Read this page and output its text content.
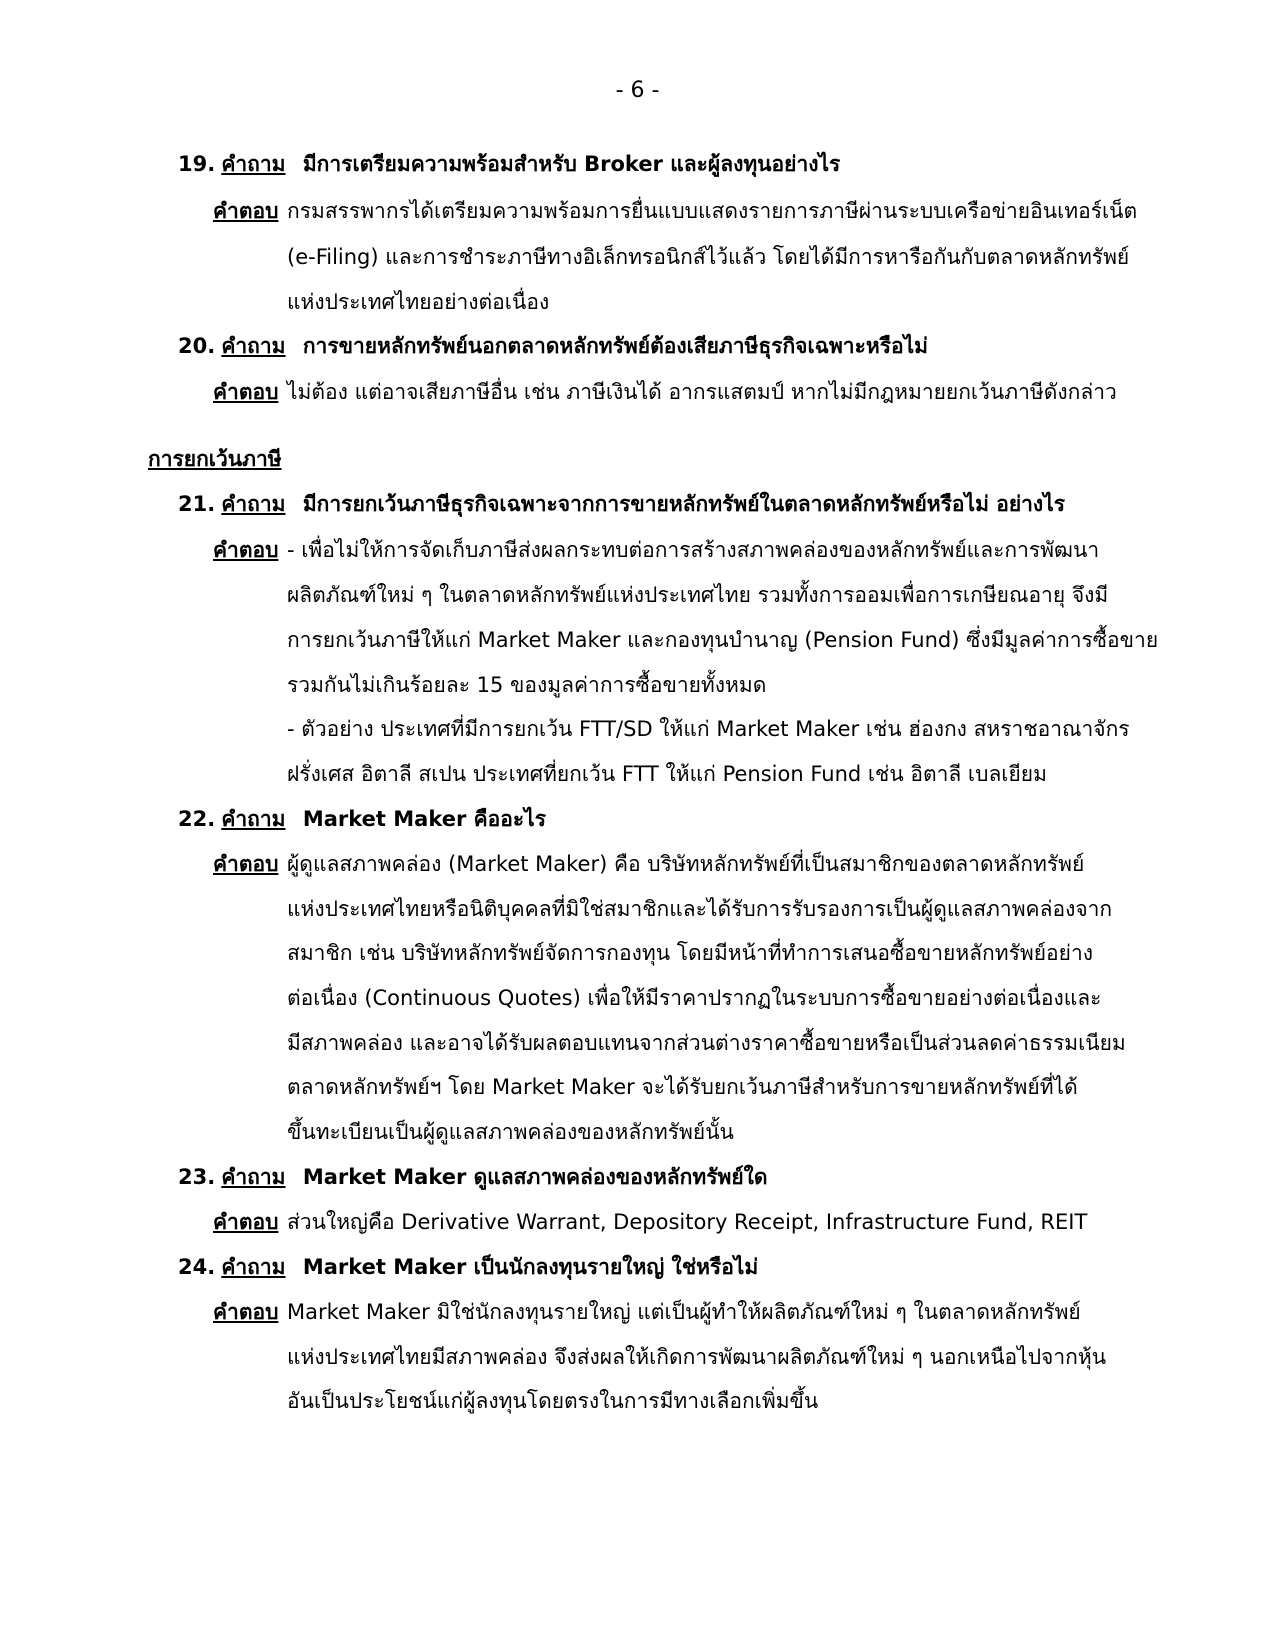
- 6 -
19. คำถาม มีการเตรียมความพร้อมสำหรับ Broker และผู้ลงทุนอย่างไร
คำตอบ กรมสรรพากรได้เตรียมความพร้อมการยื่นแบบแสดงรายการภาษีผ่านระบบเครือข่ายอินเทอร์เน็ต
(e-Filing) และการชำระภาษีทางอิเล็กทรอนิกส์ไว้แล้ว โดยได้มีการหารือกันกับตลาดหลักทรัพย์
แห่งประเทศไทยอย่างต่อเนื่อง
20. คำถาม การขายหลักทรัพย์นอกตลาดหลักทรัพย์ต้องเสียภาษีธุรกิจเฉพาะหรือไม่
คำตอบ ไม่ต้อง แต่อาจเสียภาษีอื่น เช่น ภาษีเงินได้ อากรแสตมป์ หากไม่มีกฎหมายยกเว้นภาษีดังกล่าว
การยกเว้นภาษี
21. คำถาม มีการยกเว้นภาษีธุรกิจเฉพาะจากการขายหลักทรัพย์ในตลาดหลักทรัพย์หรือไม่ อย่างไร
คำตอบ - เพื่อไม่ให้การจัดเก็บภาษีส่งผลกระทบต่อการสร้างสภาพคล่องของหลักทรัพย์และการพัฒนา
ผลิตภัณฑ์ใหม่ ๆ ในตลาดหลักทรัพย์แห่งประเทศไทย รวมทั้งการออมเพื่อการเกษียณอายุ จึงมี
การยกเว้นภาษีให้แก่ Market Maker และกองทุนบำนาญ (Pension Fund) ซึ่งมีมูลค่าการซื้อขาย
รวมกันไม่เกินร้อยละ 15 ของมูลค่าการซื้อขายทั้งหมด
- ตัวอย่าง ประเทศที่มีการยกเว้น FTT/SD ให้แก่ Market Maker เช่น ฮ่องกง สหราชอาณาจักร
ฝรั่งเศส อิตาลี สเปน ประเทศที่ยกเว้น FTT ให้แก่ Pension Fund เช่น อิตาลี เบลเยียม
22. คำถาม Market Maker คืออะไร
คำตอบ ผู้ดูแลสภาพคล่อง (Market Maker) คือ บริษัทหลักทรัพย์ที่เป็นสมาชิกของตลาดหลักทรัพย์
แห่งประเทศไทยหรือนิติบุคคลที่มิใช่สมาชิกและได้รับการรับรองการเป็นผู้ดูแลสภาพคล่องจาก
สมาชิก เช่น บริษัทหลักทรัพย์จัดการกองทุน โดยมีหน้าที่ทำการเสนอซื้อขายหลักทรัพย์อย่าง
ต่อเนื่อง (Continuous Quotes) เพื่อให้มีราคาปรากฏในระบบการซื้อขายอย่างต่อเนื่องและ
มีสภาพคล่อง และอาจได้รับผลตอบแทนจากส่วนต่างราคาซื้อขายหรือเป็นส่วนลดค่าธรรมเนียม
ตลาดหลักทรัพย์ฯ โดย Market Maker จะได้รับยกเว้นภาษีสำหรับการขายหลักทรัพย์ที่ได้
ขึ้นทะเบียนเป็นผู้ดูแลสภาพคล่องของหลักทรัพย์นั้น
23. คำถาม Market Maker ดูแลสภาพคล่องของหลักทรัพย์ใด
คำตอบ ส่วนใหญ่คือ Derivative Warrant, Depository Receipt, Infrastructure Fund, REIT
24. คำถาม Market Maker เป็นนักลงทุนรายใหญ่ ใช่หรือไม่
คำตอบ Market Maker มิใช่นักลงทุนรายใหญ่ แต่เป็นผู้ทำให้ผลิตภัณฑ์ใหม่ ๆ ในตลาดหลักทรัพย์
แห่งประเทศไทยมีสภาพคล่อง จึงส่งผลให้เกิดการพัฒนาผลิตภัณฑ์ใหม่ ๆ นอกเหนือไปจากหุ้น
อันเป็นประโยชน์แก่ผู้ลงทุนโดยตรงในการมีทางเลือกเพิ่มขึ้น
